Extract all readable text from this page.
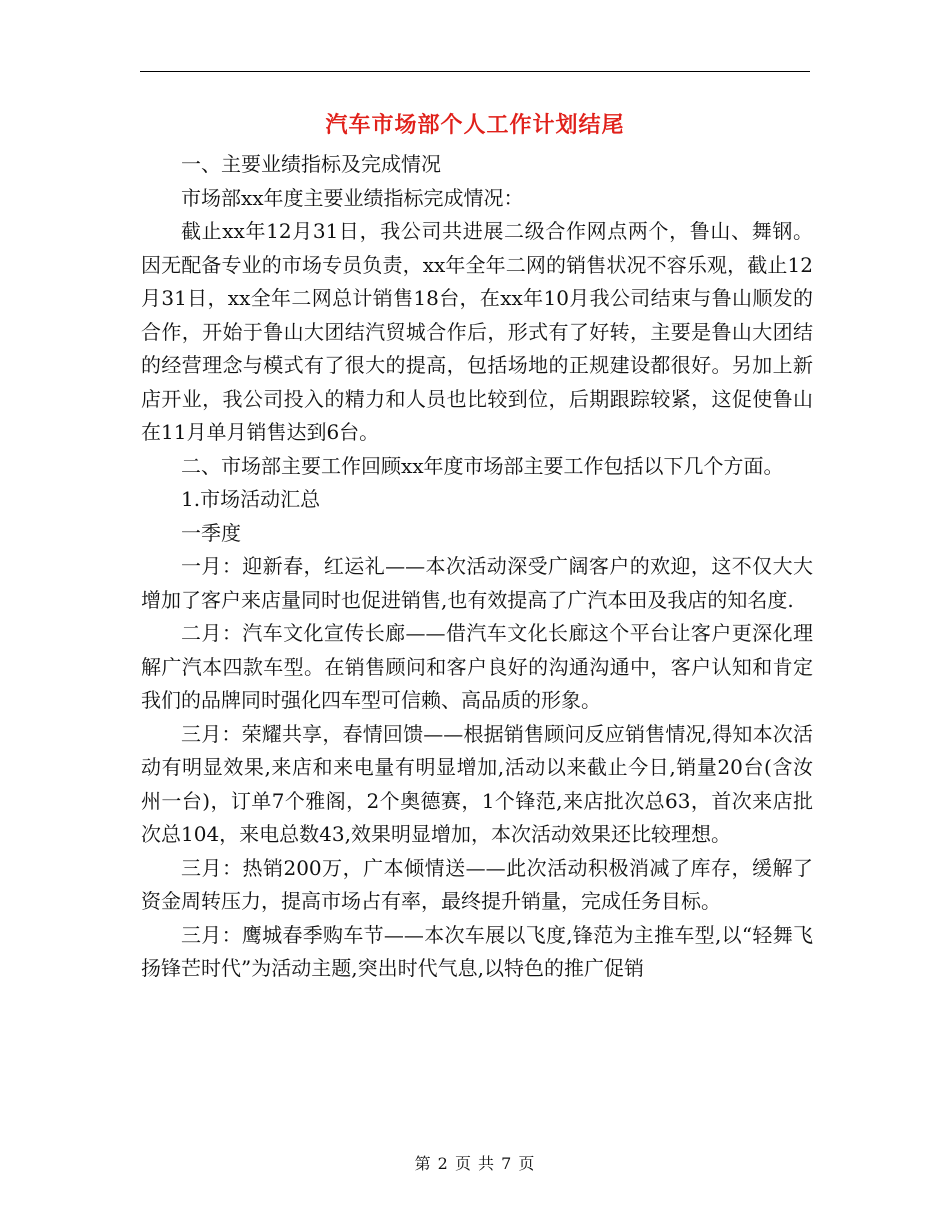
汽车市场部个人工作计划结尾

一、主要业绩指标及完成情况

市场部xx年度主要业绩指标完成情况：

截止xx年12月31日，我公司共进展二级合作网点两个，鲁山、舞钢。因无配备专业的市场专员负责，xx年全年二网的销售状况不容乐观，截止12月31日，xx全年二网总计销售18台，在xx年10月我公司结束与鲁山顺发的合作，开始于鲁山大团结汽贸城合作后，形式有了好转，主要是鲁山大团结的经营理念与模式有了很大的提高，包括场地的正规建设都很好。另加上新店开业，我公司投入的精力和人员也比较到位，后期跟踪较紧，这促使鲁山在11月单月销售达到6台。

二、市场部主要工作回顾xx年度市场部主要工作包括以下几个方面。

1.市场活动汇总

一季度

一月：迎新春，红运礼——本次活动深受广阔客户的欢迎，这不仅大大增加了客户来店量同时也促进销售,也有效提高了广汽本田及我店的知名度.

二月：汽车文化宣传长廊——借汽车文化长廊这个平台让客户更深化理解广汽本四款车型。在销售顾问和客户良好的沟通沟通中，客户认知和肯定我们的品牌同时强化四车型可信赖、高品质的形象。

三月：荣耀共享，春情回馈——根据销售顾问反应销售情况,得知本次活动有明显效果,来店和来电量有明显增加,活动以来截止今日,销量20台(含汝州一台)，订单7个雅阁，2个奥德赛，1个锋范,来店批次总63，首次来店批次总104，来电总数43,效果明显增加，本次活动效果还比较理想。

三月：热销200万，广本倾情送——此次活动积极消减了库存，缓解了资金周转压力，提高市场占有率，最终提升销量，完成任务目标。

三月：鹰城春季购车节——本次车展以飞度,锋范为主推车型,以“轻舞飞扬锋芒时代”为活动主题,突出时代气息,以特色的推广促销

第 2 页 共 7 页
